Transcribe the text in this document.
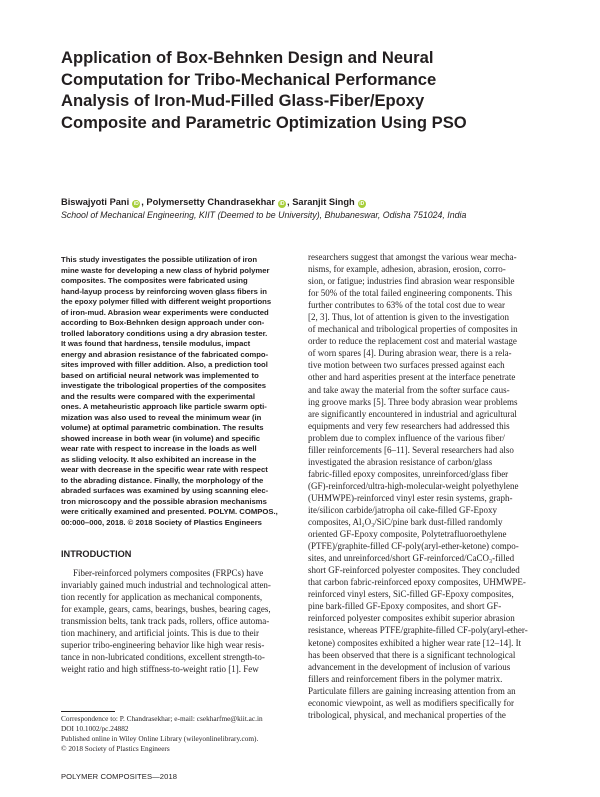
Application of Box-Behnken Design and Neural
Computation for Tribo-Mechanical Performance
Analysis of Iron-Mud-Filled Glass-Fiber/Epoxy
Composite and Parametric Optimization Using PSO
Biswajyoti Pani iD , Polymersetty Chandrasekhar iD , Saranjit Singh iD
School of Mechanical Engineering, KIIT (Deemed to be University), Bhubaneswar, Odisha 751024, India
This study investigates the possible utilization of iron
mine waste for developing a new class of hybrid polymer
composites. The composites were fabricated using
hand-layup process by reinforcing woven glass fibers in
the epoxy polymer filled with different weight proportions
of iron-mud. Abrasion wear experiments were conducted
according to Box-Behnken design approach under con-
trolled laboratory conditions using a dry abrasion tester.
It was found that hardness, tensile modulus, impact
energy and abrasion resistance of the fabricated compo-
sites improved with filler addition. Also, a prediction tool
based on artificial neural network was implemented to
investigate the tribological properties of the composites
and the results were compared with the experimental
ones. A metaheuristic approach like particle swarm opti-
mization was also used to reveal the minimum wear (in
volume) at optimal parametric combination. The results
showed increase in both wear (in volume) and specific
wear rate with respect to increase in the loads as well
as sliding velocity. It also exhibited an increase in the
wear with decrease in the specific wear rate with respect
to the abrading distance. Finally, the morphology of the
abraded surfaces was examined by using scanning elec-
tron microscopy and the possible abrasion mechanisms
were critically examined and presented. POLYM. COMPOS.,
00:000–000, 2018. © 2018 Society of Plastics Engineers
INTRODUCTION
Fiber-reinforced polymers composites (FRPCs) have
invariably gained much industrial and technological atten-
tion recently for application as mechanical components,
for example, gears, cams, bearings, bushes, bearing cages,
transmission belts, tank track pads, rollers, office automa-
tion machinery, and artificial joints. This is due to their
superior tribo-engineering behavior like high wear resis-
tance in non-lubricated conditions, excellent strength-to-
weight ratio and high stiffness-to-weight ratio [1]. Few
researchers suggest that amongst the various wear mecha-
nisms, for example, adhesion, abrasion, erosion, corro-
sion, or fatigue; industries find abrasion wear responsible
for 50% of the total failed engineering components. This
further contributes to 63% of the total cost due to wear
[2, 3]. Thus, lot of attention is given to the investigation
of mechanical and tribological properties of composites in
order to reduce the replacement cost and material wastage
of worn spares [4]. During abrasion wear, there is a rela-
tive motion between two surfaces pressed against each
other and hard asperities present at the interface penetrate
and take away the material from the softer surface caus-
ing groove marks [5]. Three body abrasion wear problems
are significantly encountered in industrial and agricultural
equipments and very few researchers had addressed this
problem due to complex influence of the various fiber/
filler reinforcements [6–11]. Several researchers had also
investigated the abrasion resistance of carbon/glass
fabric-filled epoxy composites, unreinforced/glass fiber
(GF)-reinforced/ultra-high-molecular-weight polyethylene
(UHMWPE)-reinforced vinyl ester resin systems, graph-
ite/silicon carbide/jatropha oil cake-filled GF-Epoxy
composites, Al₂O₃/SiC/pine bark dust-filled randomly
oriented GF-Epoxy composite, Polytetrafluoroethylene
(PTFE)/graphite-filled CF-poly(aryl-ether-ketone) compo-
sites, and unreinforced/short GF-reinforced/CaCO₃-filled
short GF-reinforced polyester composites. They concluded
that carbon fabric-reinforced epoxy composites, UHMWPE-
reinforced vinyl esters, SiC-filled GF-Epoxy composites,
pine bark-filled GF-Epoxy composites, and short GF-
reinforced polyester composites exhibit superior abrasion
resistance, whereas PTFE/graphite-filled CF-poly(aryl-ether-
ketone) composites exhibited a higher wear rate [12–14]. It
has been observed that there is a significant technological
advancement in the development of inclusion of various
fillers and reinforcement fibers in the polymer matrix.
Particulate fillers are gaining increasing attention from an
economic viewpoint, as well as modifiers specifically for
tribological, physical, and mechanical properties of the
Correspondence to: P. Chandrasekhar; e-mail: csekharfme@kiit.ac.in
DOI 10.1002/pc.24882
Published online in Wiley Online Library (wileyonlinelibrary.com).
© 2018 Society of Plastics Engineers
POLYMER COMPOSITES—2018
